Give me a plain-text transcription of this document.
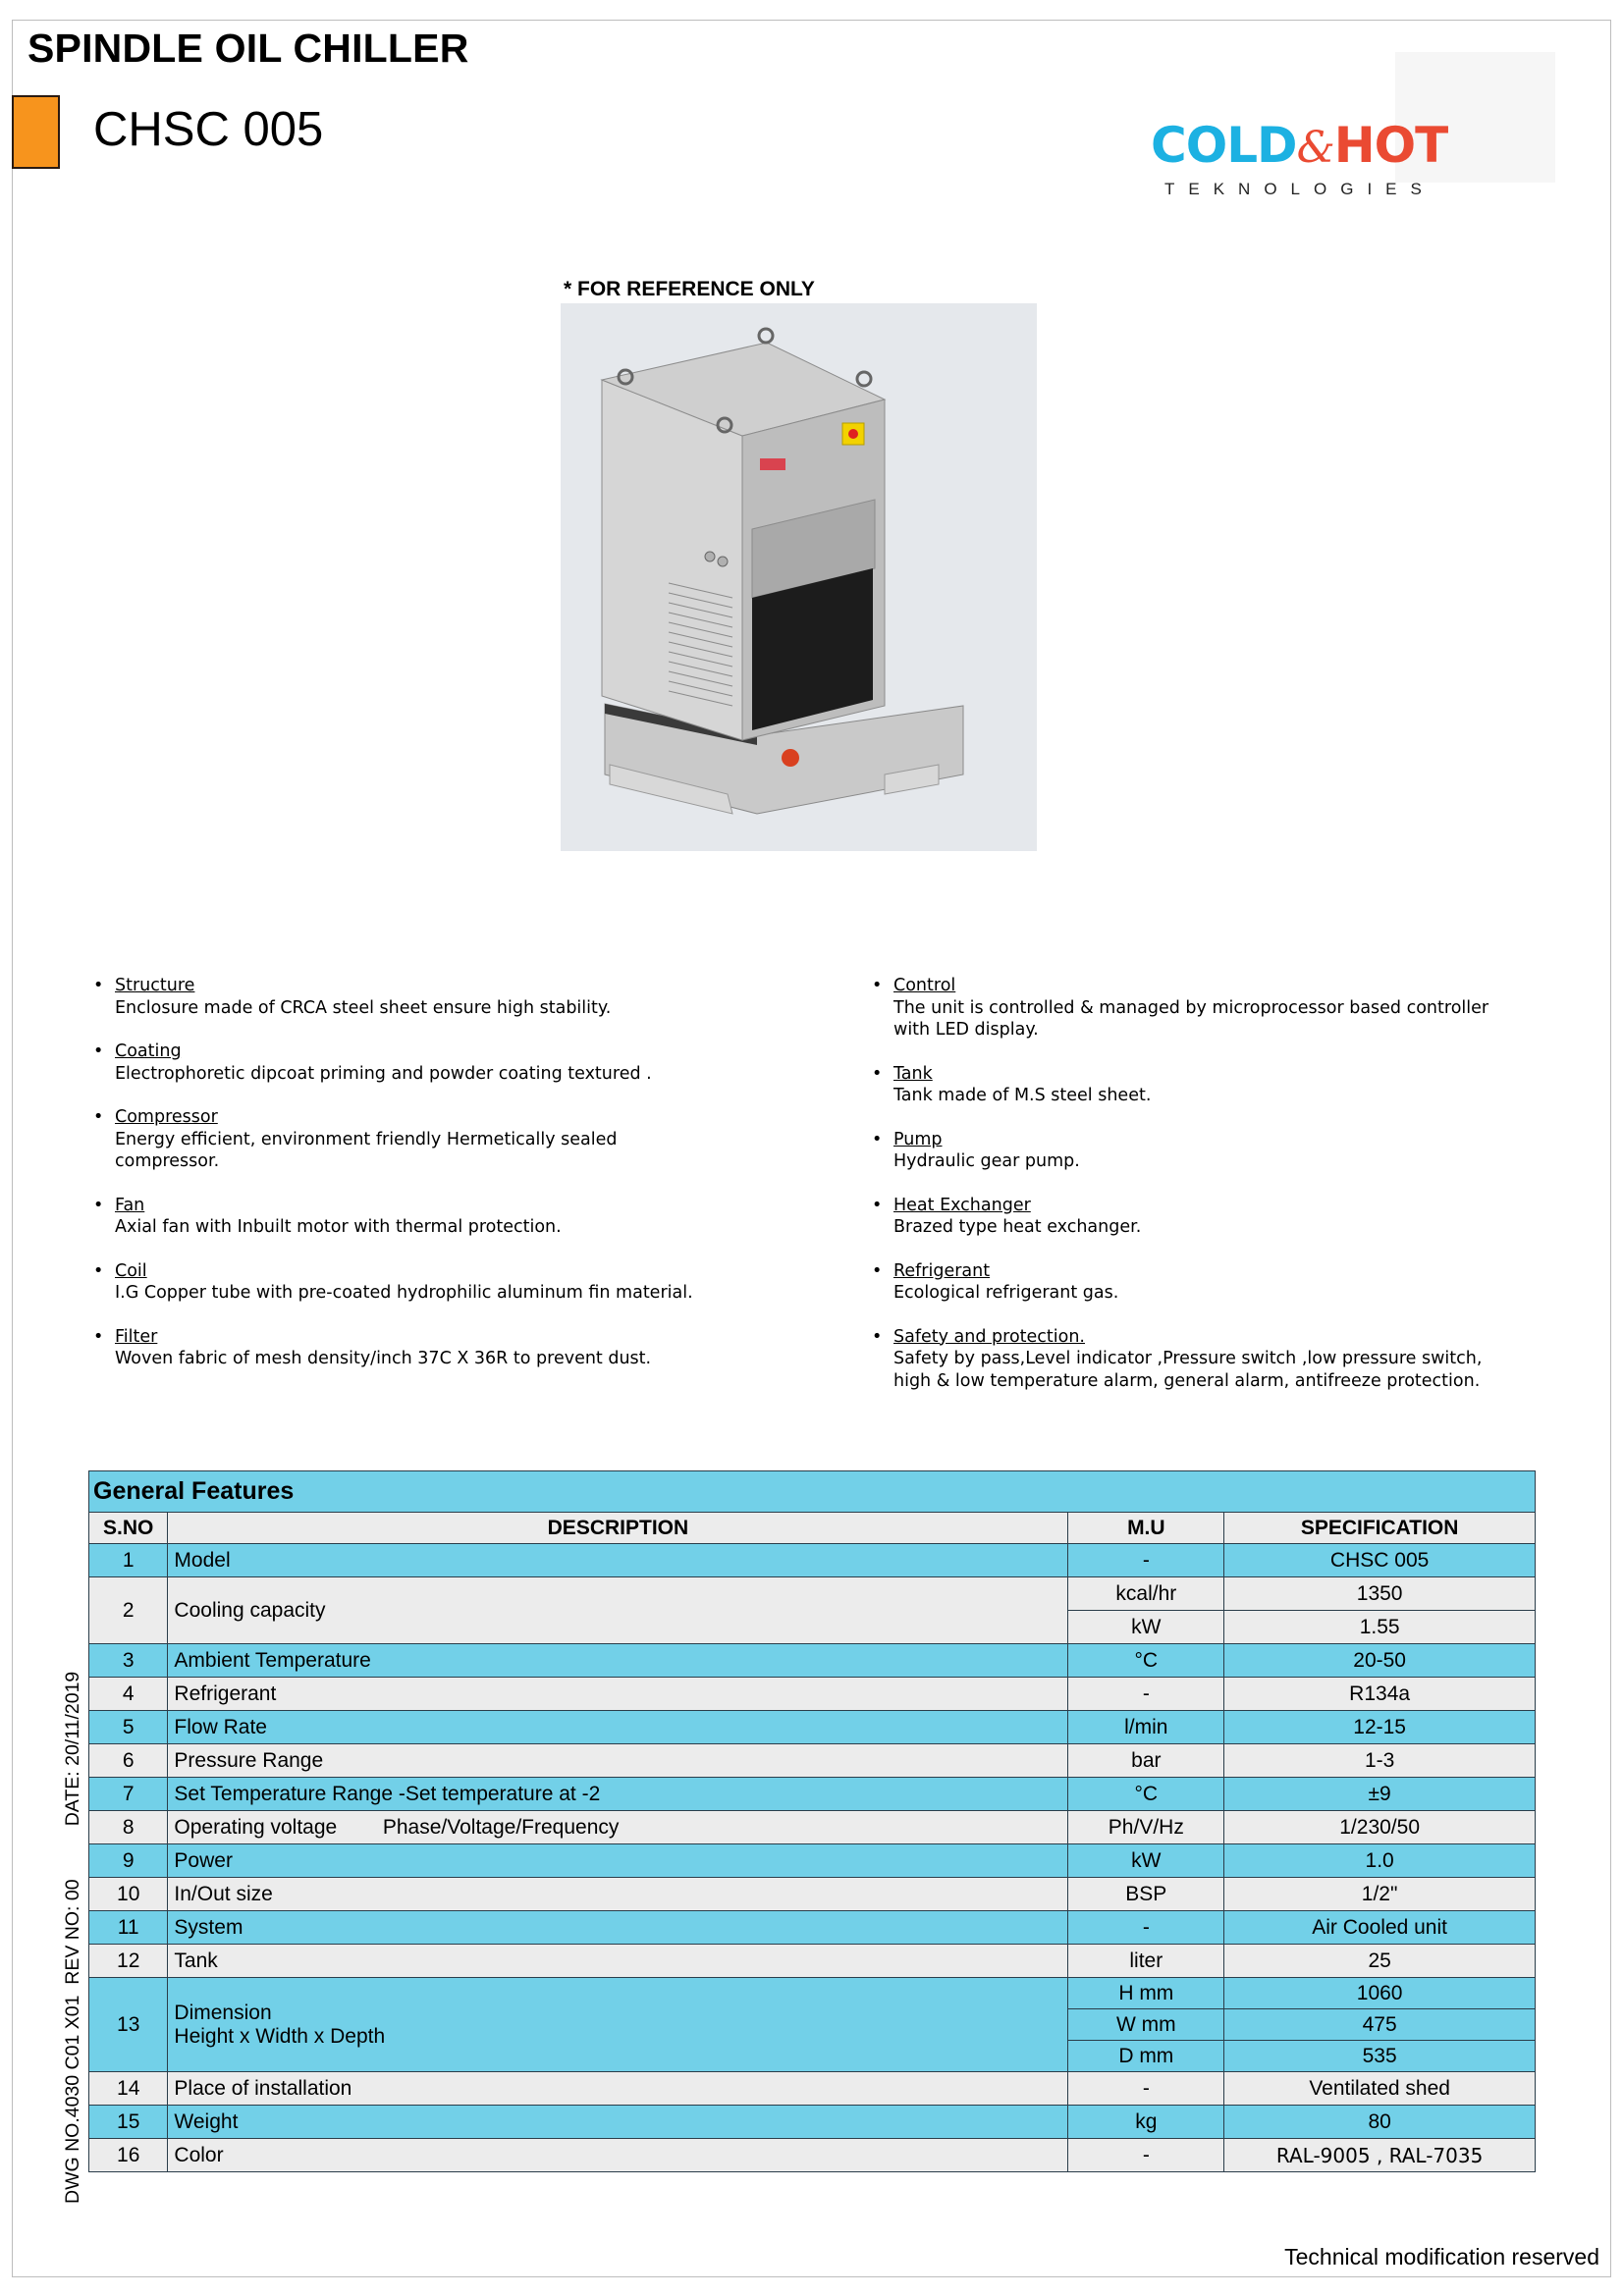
SPINDLE OIL CHILLER
CHSC 005	COLD&HOT
TEKNOLOGIES
* FOR REFERENCE ONLY
• Structure
Enclosure made of CRCA steel sheet ensure high stability.
• Coating
Electrophoretic dipcoat priming and powder coating textured .
• Compressor
Energy efficient, environment friendly Hermetically sealed compressor.
• Fan
Axial fan with Inbuilt motor with thermal protection.
• Coil
I.G Copper tube with pre-coated hydrophilic aluminum fin material.
• Filter
Woven fabric of mesh density/inch 37C X 36R to prevent dust.
• Control
The unit is controlled & managed by microprocessor based controller with LED display.
• Tank
Tank made of M.S steel sheet.
• Pump
Hydraulic gear pump.
• Heat Exchanger
Brazed type heat exchanger.
• Refrigerant
Ecological refrigerant gas.
• Safety and protection.
Safety by pass,Level indicator ,Pressure switch ,low pressure switch, high & low temperature alarm, general alarm, antifreeze protection.
DWG NO.4030 C01 X01  REV NO: 00          DATE: 20/11/2019
General Features			
S.NO	DESCRIPTION	M.U	SPECIFICATION
1	Model	-	CHSC 005
2	Cooling capacity	kcal/hr	1350
		kW	1.55
3	Ambient Temperature	°C	20-50
4	Refrigerant	-	R134a
5	Flow Rate	l/min	12-15
6	Pressure Range	bar	1-3
7	Set Temperature Range -Set temperature at -2	°C	±9
8	Operating voltage        Phase/Voltage/Frequency	Ph/V/Hz	1/230/50
9	Power	kW	1.0
10	In/Out size	BSP	1/2"
11	System	-	Air Cooled unit
12	Tank	liter	25
13	Dimension
Height x Width x Depth	H mm	1060
		W mm	475
		D mm	535
14	Place of installation	-	Ventilated shed
15	Weight	kg	80
16	Color	-	RAL-9005 , RAL-7035
Technical modification reserved
